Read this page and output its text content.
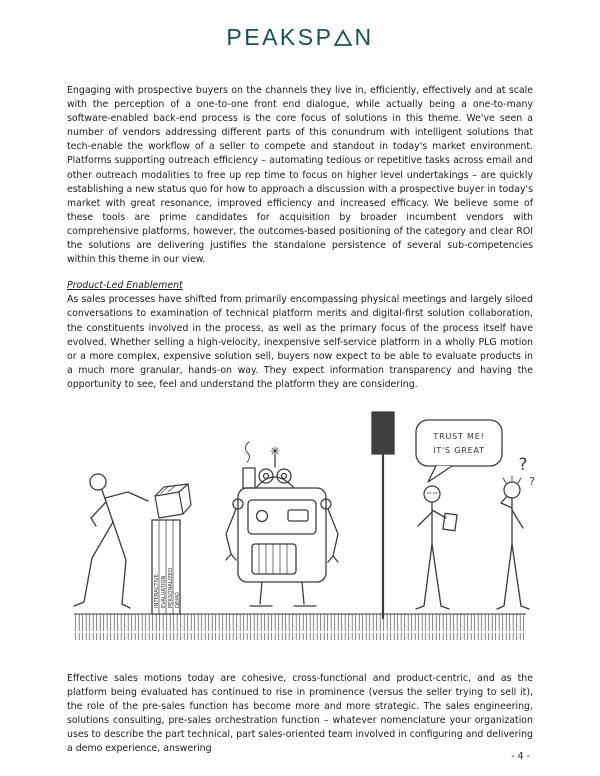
PEAKSP N

Engaging with prospective buyers on the channels they live in, efficiently, effectively and at scale with the perception of a one-to-one front end dialogue, while actually being a one-to-many software-enabled back-end process is the core focus of solutions in this theme. We've seen a number of vendors addressing different parts of this conundrum with intelligent solutions that tech-enable the workflow of a seller to compete and standout in today's market environment. Platforms supporting outreach efficiency – automating tedious or repetitive tasks across email and other outreach modalities to free up rep time to focus on higher level undertakings – are quickly establishing a new status quo for how to approach a discussion with a prospective buyer in today's market with great resonance, improved efficiency and increased efficacy. We believe some of these tools are prime candidates for acquisition by broader incumbent vendors with comprehensive platforms, however, the outcomes-based positioning of the category and clear ROI the solutions are delivering justifies the standalone persistence of several sub-competencies within this theme in our view.

Product-Led Enablement

As sales processes have shifted from primarily encompassing physical meetings and largely siloed conversations to examination of technical platform merits and digital-first solution collaboration, the constituents involved in the process, as well as the primary focus of the process itself have evolved. Whether selling a high-velocity, inexpensive self-service platform in a wholly PLG motion or a more complex, expensive solution sell, buyers now expect to be able to evaluate products in a much more granular, hands-on way. They expect information transparency and having the opportunity to see, feel and understand the platform they are considering.

INTERACTIVE EVALUATION PERSONALIZED DEMO
TRUST ME!
IT'S GREAT
?
?

Effective sales motions today are cohesive, cross-functional and product-centric, and as the platform being evaluated has continued to rise in prominence (versus the seller trying to sell it), the role of the pre-sales function has become more and more strategic. The sales engineering, solutions consulting, pre-sales orchestration function – whatever nomenclature your organization uses to describe the part technical, part sales-oriented team involved in configuring and delivering a demo experience, answering

- 4 -
